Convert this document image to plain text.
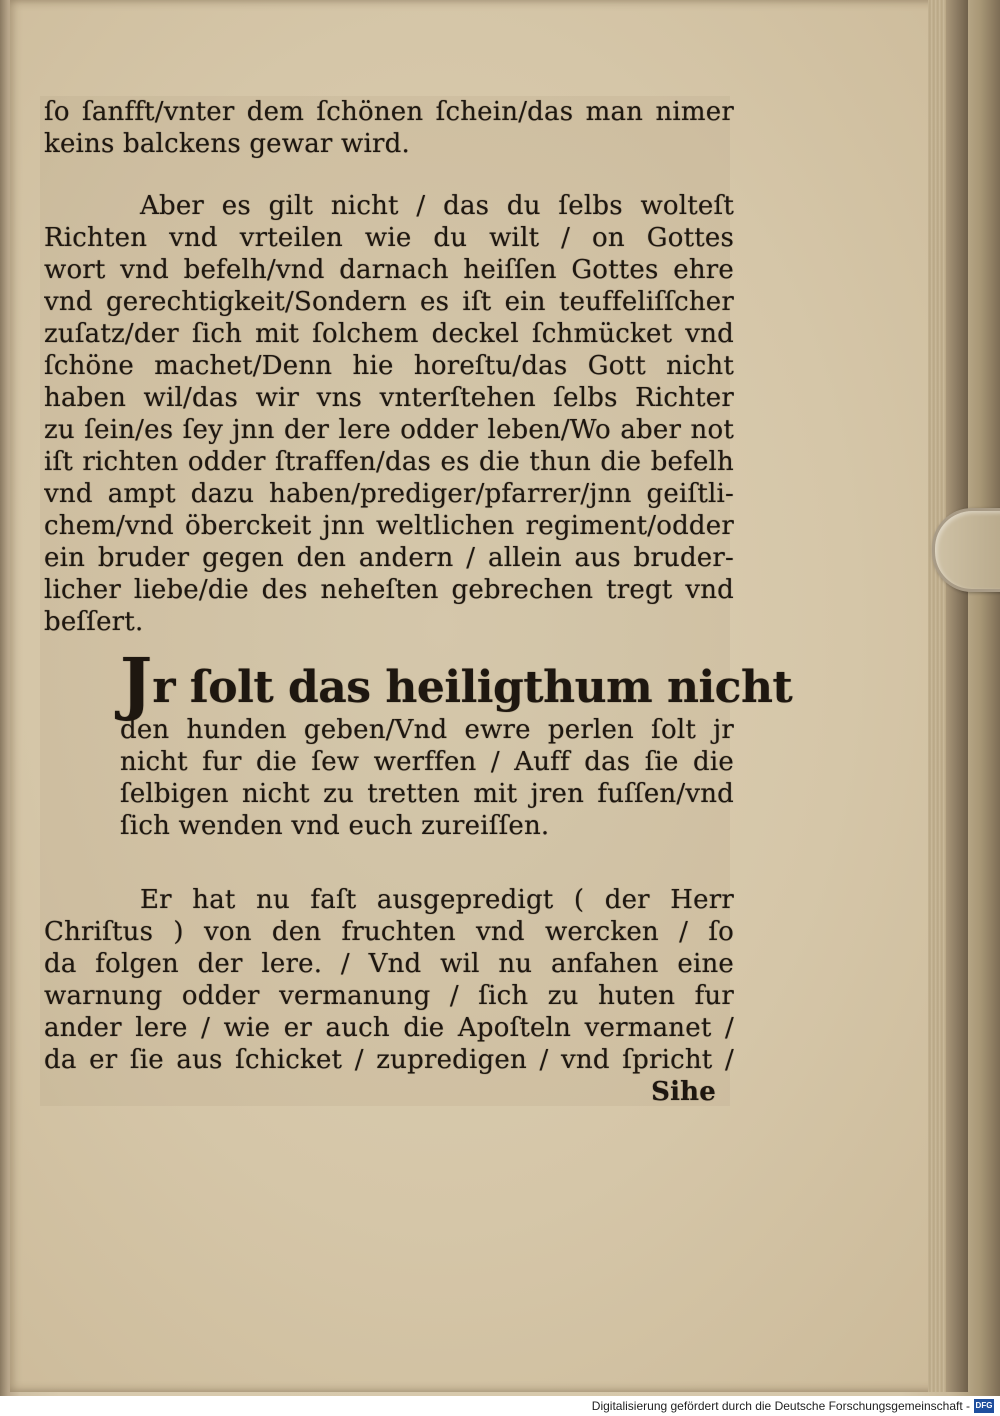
ſo ſanfft/vnter dem ſchönen ſchein/das man nimer
keins balckens gewar wird.
Aber es gilt nicht / das du ſelbs wolteſt
Richten vnd vrteilen wie du wilt / on Gottes
wort vnd befelh/vnd darnach heiſſen Gottes ehre
vnd gerechtigkeit/Sondern es iſt ein teuffeliſſcher
zuſatz/der ſich mit ſolchem deckel ſchmücket vnd
ſchöne machet/Denn hie horeſtu/das Gott nicht
haben wil/das wir vns vnterſtehen ſelbs Richter
zu ſein/es ſey jnn der lere odder leben/Wo aber not
iſt richten odder ſtraffen/das es die thun die befelh
vnd ampt dazu haben/prediger/pfarrer/jnn geiſtli-
chem/vnd öberckeit jnn weltlichen regiment/odder
ein bruder gegen den andern / allein aus bruder-
licher liebe/die des neheſten gebrechen tregt vnd
beſſert.
J r ſolt das heiligthum nicht
den hunden geben/Vnd ewre perlen ſolt jr
nicht fur die ſew werffen / Auff das ſie die
ſelbigen nicht zu tretten mit jren fuſſen/vnd
ſich wenden vnd euch zureiſſen.
Er hat nu faſt ausgepredigt ( der Herr
Chriſtus ) von den fruchten vnd wercken / ſo
da folgen der lere. / Vnd wil nu anfahen eine
warnung odder vermanung / ſich zu huten fur
ander lere / wie er auch die Apoſteln vermanet /
da er ſie aus ſchicket / zupredigen / vnd ſpricht /
Sihe
Digitalisierung gefördert durch die Deutsche Forschungsgemeinschaft - DFG
